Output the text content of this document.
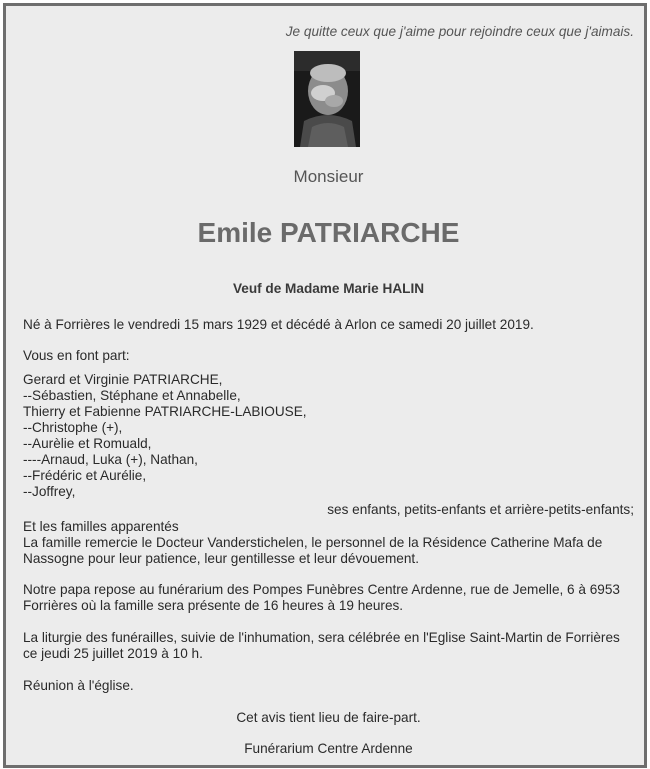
Je quitte ceux que j'aime pour rejoindre ceux que j'aimais.
Monsieur
Emile PATRIARCHE
Veuf de Madame Marie HALIN
Né à Forrières le vendredi 15 mars 1929 et décédé à Arlon ce samedi 20 juillet 2019.
Vous en font part:
Gerard et Virginie PATRIARCHE,
--Sébastien, Stéphane et Annabelle,
Thierry et Fabienne PATRIARCHE-LABIOUSE,
--Christophe (+),
--Aurèlie et Romuald,
----Arnaud, Luka (+), Nathan,
--Frédéric et Aurélie,
--Joffrey,
ses enfants, petits-enfants et arrière-petits-enfants;
Et les familles apparentés
La famille remercie le Docteur Vanderstichelen, le personnel de la Résidence Catherine Mafa de
Nassogne pour leur patience, leur gentillesse et leur dévouement.
Notre papa repose au funérarium des Pompes Funèbres Centre Ardenne, rue de Jemelle, 6 à 6953
Forrières où la famille sera présente de 16 heures à 19 heures.
La liturgie des funérailles, suivie de l'inhumation, sera célébrée en l'Eglise Saint-Martin de Forrières
ce jeudi 25 juillet 2019 à 10 h.
Réunion à l'église.
Cet avis tient lieu de faire-part.
Funérarium Centre Ardenne
